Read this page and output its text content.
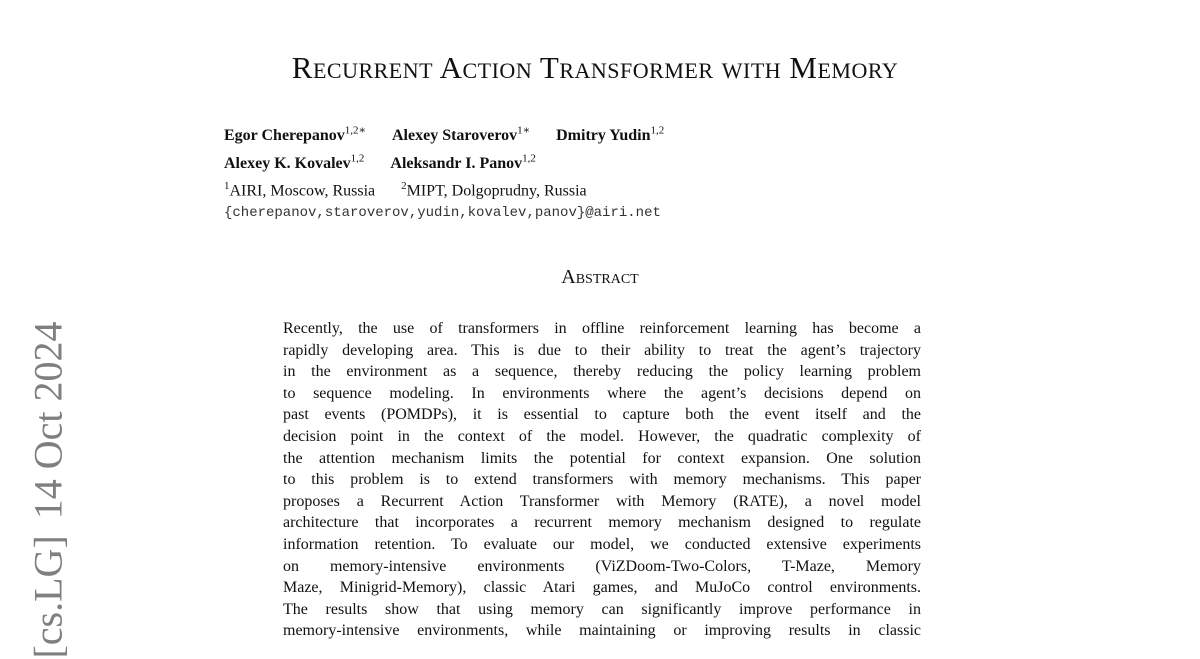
[cs.LG]14 Oct 2024
Recurrent Action Transformer with Memory
Egor Cherepanov$^{1,2∗}$ Alexey Staroverov$^{1∗}$ Dmitry Yudin$^{1,2}$
Alexey K. Kovalev$^{1,2}$ Aleksandr I. Panov$^{1,2}$
$^1$AIRI, Moscow, Russia $^2$MIPT, Dolgoprudny, Russia
{cherepanov,staroverov,yudin,kovalev,panov}@airi.net
Abstract
Recently, the use of transformers in offline reinforcement learning has become a
rapidly developing area. This is due to their ability to treat the agent’s trajectory
in the environment as a sequence, thereby reducing the policy learning problem
to sequence modeling. In environments where the agent’s decisions depend on
past events (POMDPs), it is essential to capture both the event itself and the
decision point in the context of the model. However, the quadratic complexity of
the attention mechanism limits the potential for context expansion. One solution
to this problem is to extend transformers with memory mechanisms. This paper
proposes a Recurrent Action Transformer with Memory (RATE), a novel model
architecture that incorporates a recurrent memory mechanism designed to regulate
information retention. To evaluate our model, we conducted extensive experiments
on memory-intensive environments (ViZDoom-Two-Colors, T-Maze, Memory
Maze, Minigrid-Memory), classic Atari games, and MuJoCo control environments.
The results show that using memory can significantly improve performance in
memory-intensive environments, while maintaining or improving results in classic
